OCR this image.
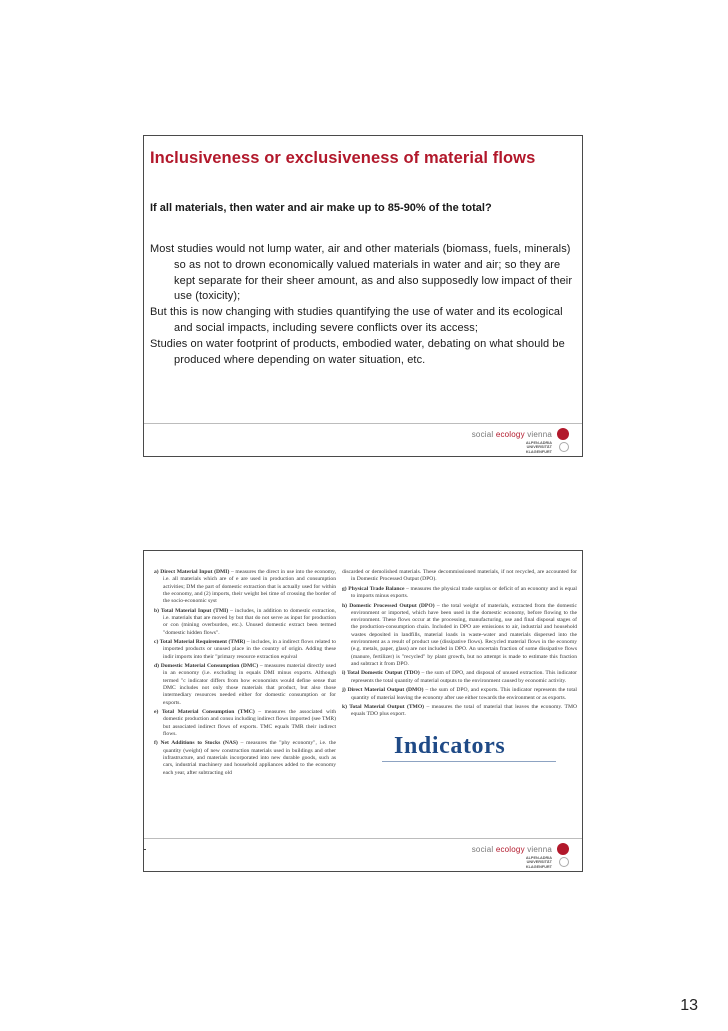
Inclusiveness or exclusiveness of material flows
If all materials, then water and air make up to 85-90% of the total?

Most studies would not lump water, air and other materials (biomass, fuels, minerals) so as not to drown economically valued materials in water and air; so they are kept separate for their sheer amount, as and also supposedly low impact of their use (toxicity);

But this is now changing with studies quantifying the use of water and its ecological and social impacts, including severe conflicts over its access;

Studies on water footprint of products, embodied water, debating on what should be produced where depending on water situation, etc.

social ecology vienna
ALPEN-ADRIA
UNIVERSITÄT
KLAGENFURT

a) Direct Material Input (DMI) – measures the direct in use into the economy, i.e. all materials which are of e are used in production and consumption activities; DM the part of domestic extraction that is actually used for within the economy, and (2) imports, their weight bei time of crossing the border of the socio-economic syst

b) Total Material Input (TMI) – includes, in addition to domestic extraction, i.e. materials that are moved by but that do not serve as input for production or con (mining overburden, etc.). Unused domestic extract been termed "domestic hidden flows".

c) Total Material Requirement (TMR) – includes, in a indirect flows related to imported products or unused place in the country of origin. Adding these indir imports into their "primary resource extraction equival

d) Domestic Material Consumption (DMC) – measures material directly used in an economy (i.e. excluding in equals DMI minus exports. Although termed "c indicator differs from how economists would define sense that DMC includes not only those materials that product, but also those intermediary resources needed either for domestic consumption or for exports.

e) Total Material Consumption (TMC) – measures the associated with domestic production and consu including indirect flows imported (see TMR) but associated indirect flows of exports. TMC equals TMR their indirect flows.

f) Net Additions to Stocks (NAS) – measures the "phy economy", i.e. the quantity (weight) of new construction materials used in buildings and other infrastructure, and materials incorporated into new durable goods, such as cars, industrial machinery and household appliances added to the economy each year, after subtracting old

discarded or demolished materials. These decommissioned materials, if not recycled, are accounted for in Domestic Processed Output (DPO).

g) Physical Trade Balance – measures the physical trade surplus or deficit of an economy and is equal to imports minus exports.

h) Domestic Processed Output (DPO) – the total weight of materials, extracted from the domestic environment or imported, which have been used in the domestic economy, before flowing to the environment. These flows occur at the processing, manufacturing, use and final disposal stages of the production-consumption chain. Included in DPO are emissions to air, industrial and household wastes deposited in landfills, material loads in waste-water and materials dispersed into the environment as a result of product use (dissipative flows). Recycled material flows in the economy (e.g. metals, paper, glass) are not included in DPO. An uncertain fraction of some dissipative flows (manure, fertilizer) is "recycled" by plant growth, but no attempt is made to estimate this fraction and subtract it from DPO.

i) Total Domestic Output (TDO) – the sum of DPO, and disposal of unused extraction. This indicator represents the total quantity of material outputs to the environment caused by economic activity.

j) Direct Material Output (DMO) – the sum of DPO, and exports. This indicator represents the total quantity of material leaving the economy after use either towards the environment or as exports.

k) Total Material Output (TMO) – measures the total of material that leaves the economy. TMO equals TDO plus export.

Indicators
social ecology vienna
ALPEN-ADRIA
UNIVERSITÄT
KLAGENFURT
13
